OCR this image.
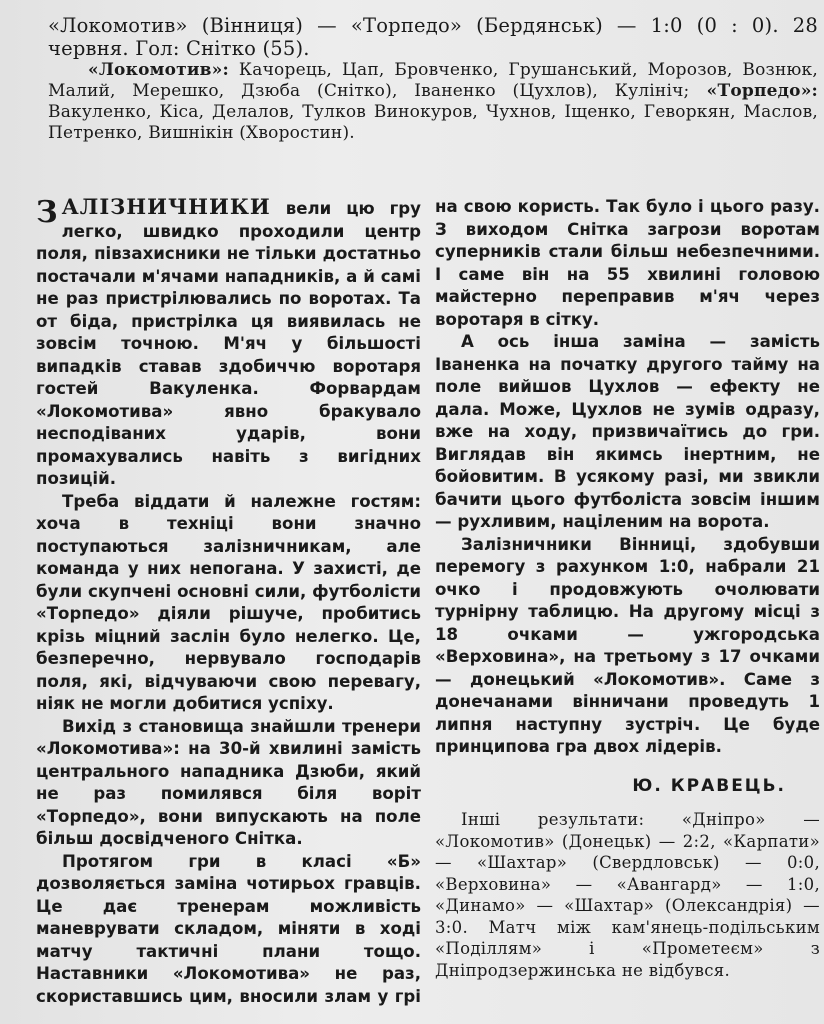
«Локомотив» (Вінниця) — «Торпедо» (Бердянськ) — 1:0 (0 : 0). 28 червня. Гол: Снітко (55).

«Локомотив»: Качорець, Цап, Бровченко, Грушанський, Морозов, Вознюк, Малий, Мерешко, Дзюба (Снітко), Іваненко (Цухлов), Кулініч; «Торпедо»: Вакуленко, Кіса, Делалов, Тулков Винокуров, Чухнов, Іщенко, Геворкян, Маслов, Петренко, Вишнікін (Хворостин).

З АЛІЗНИЧНИКИ вели цю гру легко, швидко проходили центр поля, півзахисники не тільки достатньо постачали м'ячами нападників, а й самі не раз пристрілювались по воротах. Та от біда, пристрілка ця виявилась не зовсім точною. М'яч у більшості випадків ставав здобиччю воротаря гостей Вакуленка. Форвардам «Локомотива» явно бракувало несподіваних ударів, вони промахувались навіть з вигідних позицій.

Треба віддати й належне гостям: хоча в техніці вони значно поступаються залізничникам, але команда у них непогана. У захисті, де були скупчені основні сили, футболісти «Торпедо» діяли рішуче, пробитись крізь міцний заслін було нелегко. Це, безперечно, нервувало господарів поля, які, відчуваючи свою перевагу, ніяк не могли добитися успіху.

Вихід з становища знайшли тренери «Локомотива»: на 30-й хвилині замість центрального нападника Дзюби, який не раз помилявся біля воріт «Торпедо», вони випускають на поле більш досвідченого Снітка.

Протягом гри в класі «Б» дозволяється заміна чотирьох гравців. Це дає тренерам можливість маневрувати складом, міняти в ході матчу тактичні плани тощо. Наставники «Локомотива» не раз, скориставшись цим, вносили злам у грі на свою користь. Так було і цього разу. З виходом Снітка загрози воротам суперників стали більш небезпечними. І саме він на 55 хвилині головою майстерно переправив м'яч через воротаря в сітку.

А ось інша заміна — замість Іваненка на початку другого тайму на поле вийшов Цухлов — ефекту не дала. Може, Цухлов не зумів одразу, вже на ходу, призвичаїтись до гри. Виглядав він якимсь інертним, не бойовитим. В усякому разі, ми звикли бачити цього футболіста зовсім іншим — рухливим, націленим на ворота.

Залізничники Вінниці, здобувши перемогу з рахунком 1:0, набрали 21 очко і продовжують очолювати турнірну таблицю. На другому місці з 18 очками — ужгородська «Верховина», на третьому з 17 очками — донецький «Локомотив». Саме з донечанами вінничани проведуть 1 липня наступну зустріч. Це буде принципова гра двох лідерів.

Ю. КРАВЕЦЬ.

Інші результати: «Дніпро» — «Локомотив» (Донецьк) — 2:2, «Карпати» — «Шахтар» (Свердловськ) — 0:0, «Верховина» — «Авангард» — 1:0, «Динамо» — «Шахтар» (Олександрія) — 3:0. Матч між кам'янець-подільським «Поділлям» і «Прометеєм» з Дніпродзержинська не відбувся.
